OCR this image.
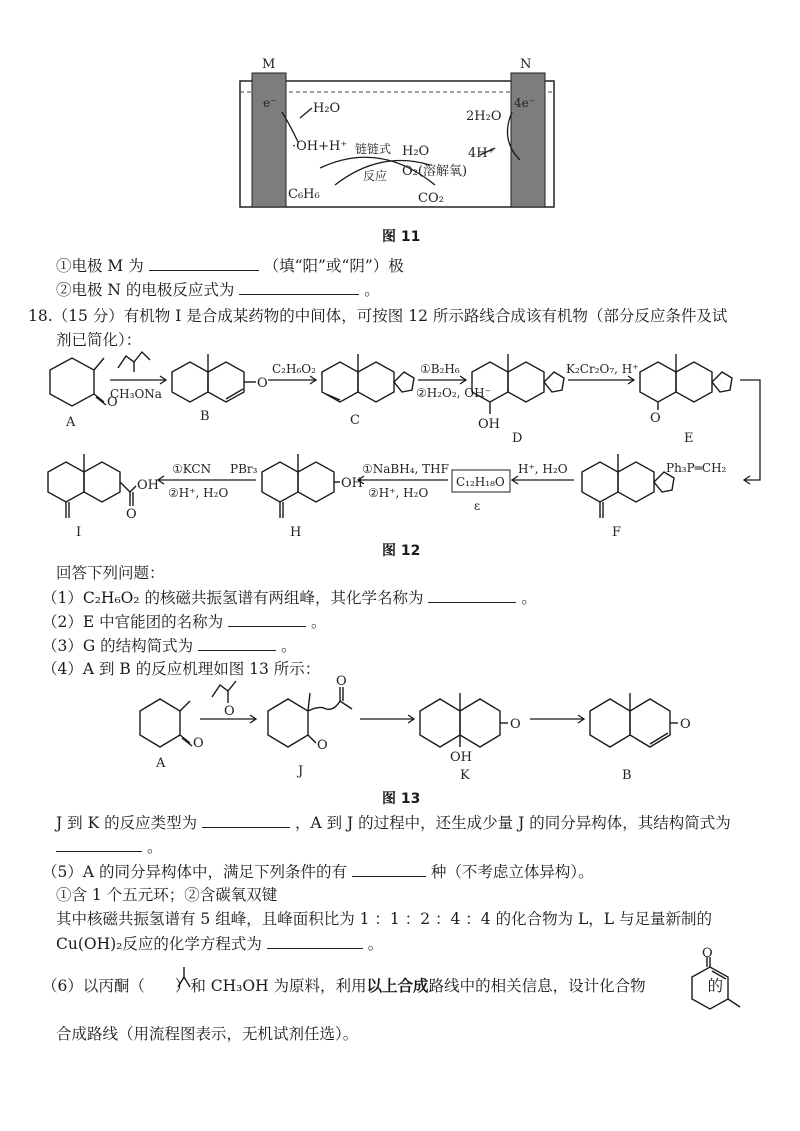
M	N
e⁻	4e⁻
H₂O
·OH+H⁺ 链链式
反应
C₆H₆
H₂O
O₂(溶解氧)
CO₂
2H₂O
4H⁺
图 11
①电极 M 为	（填“阳”或“阴”）极
②电极 N 的电极反应式为	。
18.（15 分）有机物 I 是合成某药物的中间体，可按图 12 所示路线合成该有机物（部分反应条件及试
剂已简化）：
O
A
CH₃ONa
O
B
C₂H₆O₂
C
①B₂H₆
②H₂O₂, OH⁻
OH
D
K₂Cr₂O₇, H⁺
O
E
Ph₃P═CH₂
F
H⁺, H₂O
C₁₂H₁₈O
ε
①NaBH₄, THF
②H⁺, H₂O
OH
H
PBr₃
①KCN
②H⁺, H₂O
OH
O
I
图 12
回答下列问题：
（1）C₂H₆O₂ 的核磁共振氢谱有两组峰，其化学名称为	。
（2）E 中官能团的名称为	。
（3）G 的结构简式为	。
（4）A 到 B 的反应机理如图 13 所示：
O
A
O
O
O
J
OH
O
K
O
B
图 13
J 到 K 的反应类型为	，A 到 J 的过程中，还生成少量 J 的同分异构体，其结构简式为
。
（5）A 的同分异构体中，满足下列条件的有	种（不考虑立体异构）。
①含 1 个五元环；②含碳氧双键
其中核磁共振氢谱有 5 组峰，且峰面积比为 1 ：1 ：2 ：4 ：4 的化合物为 L，L 与足量新制的
Cu(OH)₂反应的化学方程式为	。
（6）以丙酮（ ）和 CH₃OH 为原料，利用以上合成路线中的相关信息，设计化合物	的
合成路线（用流程图表示，无机试剂任选）。
O
